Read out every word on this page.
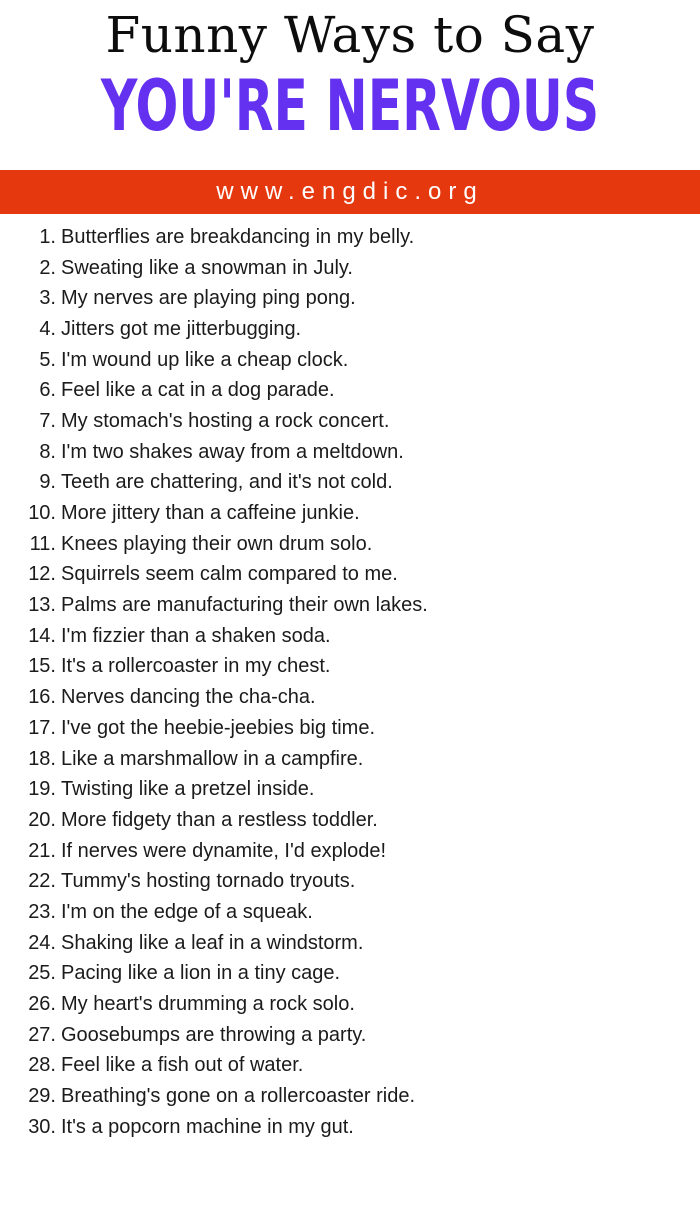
Funny Ways to Say
YOU'RE NERVOUS
www.engdic.org
1. Butterflies are breakdancing in my belly.
2. Sweating like a snowman in July.
3. My nerves are playing ping pong.
4. Jitters got me jitterbugging.
5. I'm wound up like a cheap clock.
6. Feel like a cat in a dog parade.
7. My stomach's hosting a rock concert.
8. I'm two shakes away from a meltdown.
9. Teeth are chattering, and it's not cold.
10. More jittery than a caffeine junkie.
11. Knees playing their own drum solo.
12. Squirrels seem calm compared to me.
13. Palms are manufacturing their own lakes.
14. I'm fizzier than a shaken soda.
15. It's a rollercoaster in my chest.
16. Nerves dancing the cha-cha.
17. I've got the heebie-jeebies big time.
18. Like a marshmallow in a campfire.
19. Twisting like a pretzel inside.
20. More fidgety than a restless toddler.
21. If nerves were dynamite, I'd explode!
22. Tummy's hosting tornado tryouts.
23. I'm on the edge of a squeak.
24. Shaking like a leaf in a windstorm.
25. Pacing like a lion in a tiny cage.
26. My heart's drumming a rock solo.
27. Goosebumps are throwing a party.
28. Feel like a fish out of water.
29. Breathing's gone on a rollercoaster ride.
30. It's a popcorn machine in my gut.
